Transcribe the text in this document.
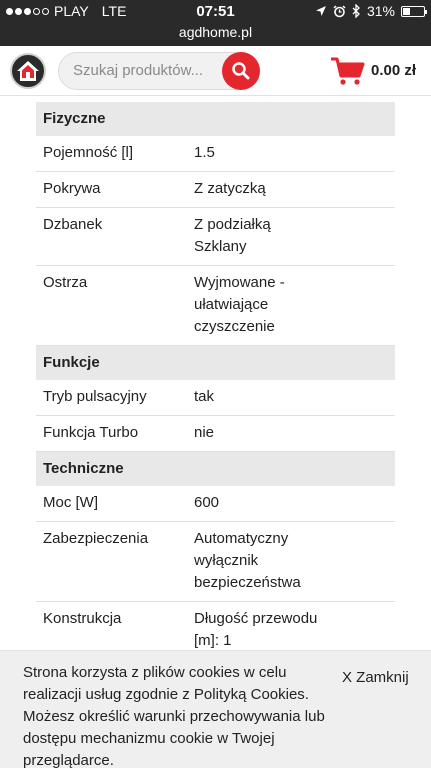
PLAY LTE	07:51	31%
agdhome.pl
Szukaj produktów...
0.00 zł
Fizyczne
Pojemność [l]	1.5
Pokrywa	Z zatyczką
Dzbanek	Z podziałką
Szklany
Ostrza	Wyjmowane -
ułatwiające
czyszczenie
Funkcje
Tryb pulsacyjny	tak
Funkcja Turbo	nie
Techniczne
Moc [W]	600
Zabezpieczenia	Automatyczny
wyłącznik
bezpieczeństwa
Konstrukcja	Długość przewodu
[m]: 1
Strona korzysta z plików cookies w celu realizacji usług zgodnie z Polityką Cookies.
Możesz określić warunki przechowywania lub dostępu mechanizmu cookie w Twojej przeglądarce.
X Zamknij
